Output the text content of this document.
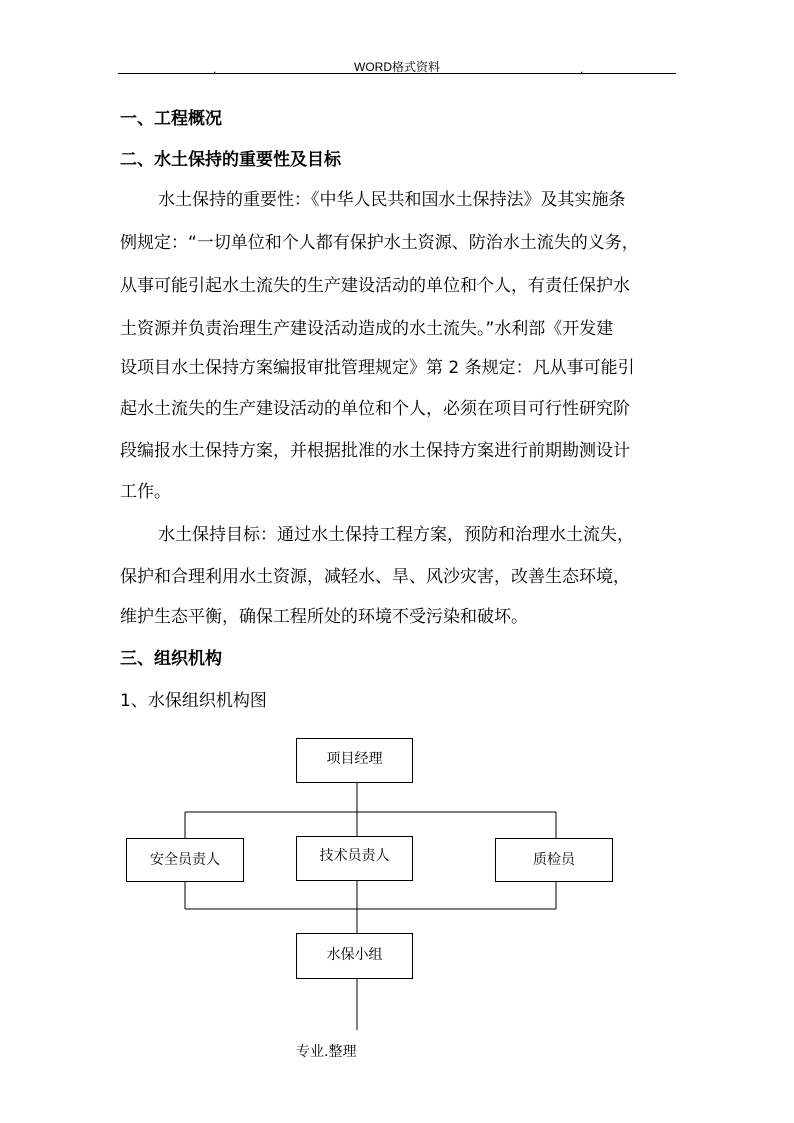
.	WORD格式资料	.
一、工程概况
二、水土保持的重要性及目标
水土保持的重要性：《中华人民共和国水土保持法》及其实施条
例规定：“一切单位和个人都有保护水土资源、防治水土流失的义务，
从事可能引起水土流失的生产建设活动的单位和个人，有责任保护水
土资源并负责治理生产建设活动造成的水土流失。”水利部《开发建
设项目水土保持方案编报审批管理规定》第 2 条规定：凡从事可能引
起水土流失的生产建设活动的单位和个人，必须在项目可行性研究阶
段编报水土保持方案，并根据批准的水土保持方案进行前期勘测设计
工作。
水土保持目标：通过水土保持工程方案，预防和治理水土流失，
保护和合理利用水土资源，减轻水、旱、风沙灾害，改善生态环境，
维护生态平衡，确保工程所处的环境不受污染和破坏。
三、组织机构
1、水保组织机构图
项目经理
安全员责人	技术员责人	质检员
水保小组
专业.整理
